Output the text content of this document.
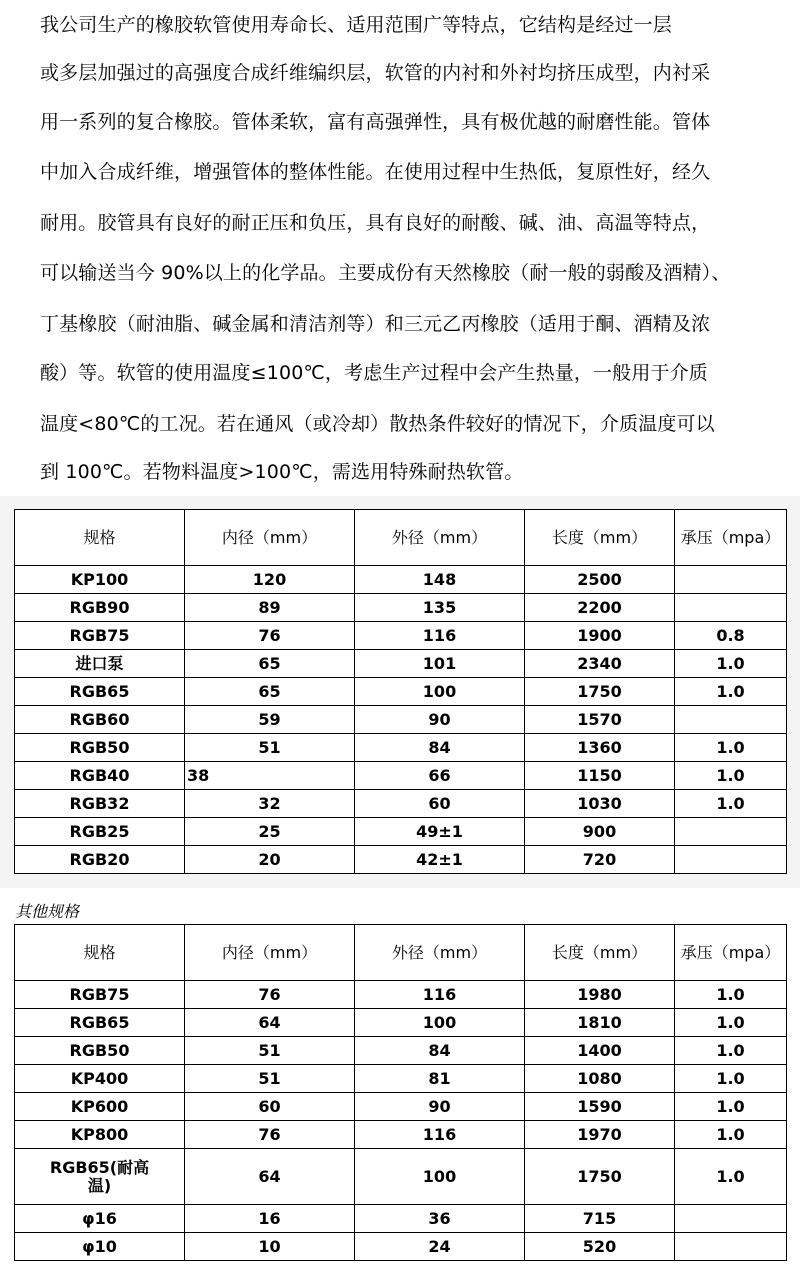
我公司生产的橡胶软管使用寿命长、适用范围广等特点，它结构是经过一层
或多层加强过的高强度合成纤维编织层，软管的内衬和外衬均挤压成型，内衬采
用一系列的复合橡胶。管体柔软，富有高强弹性，具有极优越的耐磨性能。管体
中加入合成纤维，增强管体的整体性能。在使用过程中生热低，复原性好，经久
耐用。胶管具有良好的耐正压和负压，具有良好的耐酸、碱、油、高温等特点，
可以输送当今 90%以上的化学品。主要成份有天然橡胶（耐一般的弱酸及酒精）、
丁基橡胶（耐油脂、碱金属和清洁剂等）和三元乙丙橡胶（适用于酮、酒精及浓
酸）等。软管的使用温度≤100℃，考虑生产过程中会产生热量，一般用于介质
温度<80℃的工况。若在通风（或冷却）散热条件较好的情况下，介质温度可以
到 100℃。若物料温度>100℃，需选用特殊耐热软管。
规格	内径（mm）	外径（mm）	长度（mm）	承压（mpa）
KP100	120	148	2500	
RGB90	89	135	2200	
RGB75	76	116	1900	0.8
进口泵	65	101	2340	1.0
RGB65	65	100	1750	1.0
RGB60	59	90	1570	
RGB50	51	84	1360	1.0
RGB40	38	66	1150	1.0
RGB32	32	60	1030	1.0
RGB25	25	49±1	900	
RGB20	20	42±1	720	
其他规格
规格	内径（mm）	外径（mm）	长度（mm）	承压（mpa）
RGB75	76	116	1980	1.0
RGB65	64	100	1810	1.0
RGB50	51	84	1400	1.0
KP400	51	81	1080	1.0
KP600	60	90	1590	1.0
KP800	76	116	1970	1.0
RGB65(耐高温)	64	100	1750	1.0
φ16	16	36	715	
φ10	10	24	520	
